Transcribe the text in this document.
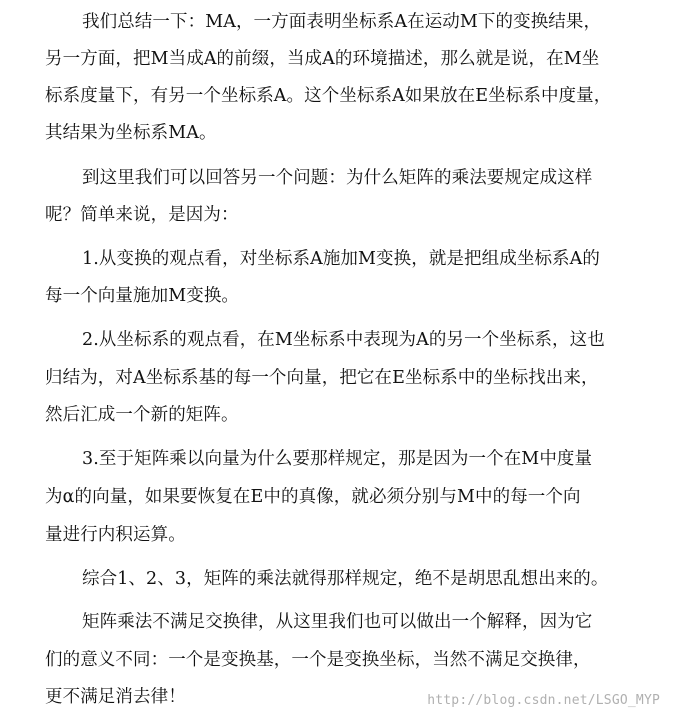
我们总结一下：MA，一方面表明坐标系A在运动M下的变换结果，
另一方面，把M当成A的前缀，当成A的环境描述，那么就是说，在M坐
标系度量下，有另一个坐标系A。这个坐标系A如果放在E坐标系中度量，
其结果为坐标系MA。
到这里我们可以回答另一个问题：为什么矩阵的乘法要规定成这样
呢？简单来说，是因为：
1.从变换的观点看，对坐标系A施加M变换，就是把组成坐标系A的
每一个向量施加M变换。
2.从坐标系的观点看，在M坐标系中表现为A的另一个坐标系，这也
归结为，对A坐标系基的每一个向量，把它在E坐标系中的坐标找出来，
然后汇成一个新的矩阵。
3.至于矩阵乘以向量为什么要那样规定，那是因为一个在M中度量
为α的向量，如果要恢复在E中的真像，就必须分别与M中的每一个向
量进行内积运算。
综合1、2、3，矩阵的乘法就得那样规定，绝不是胡思乱想出来的。
矩阵乘法不满足交换律，从这里我们也可以做出一个解释，因为它
们的意义不同：一个是变换基，一个是变换坐标，当然不满足交换律，
更不满足消去律！	http://blog.csdn.net/LSGO_MYP
